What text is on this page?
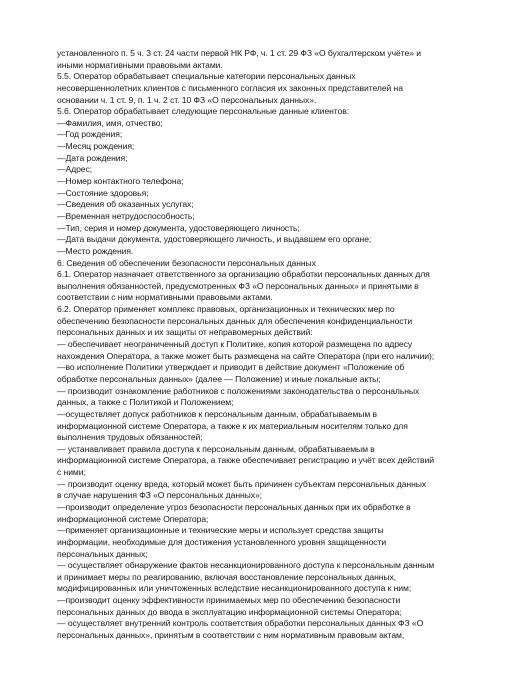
установленного п. 5 ч. 3 ст. 24 части первой НК РФ, ч. 1 ст. 29 ФЗ «О бухгалтерском учёте» и
иными нормативными правовыми актами.
5.5. Оператор обрабатывает специальные категории персональных данных
несовершеннолетних клиентов с письменного согласия их законных представителей на
основании ч. 1 ст. 9, п. 1 ч. 2 ст. 10 ФЗ «О персональных данных».
5.6. Оператор обрабатывает следующие персональные данные клиентов:
—Фамилия, имя, отчество;
—Год рождения;
—Месяц рождения;
—Дата рождения;
—Адрес;
—Номер контактного телефона;
—Состояние здоровья;
—Сведения об оказанных услугах;
—Временная нетрудоспособность;
—Тип, серия и номер документа, удостоверяющего личность;
—Дата выдачи документа, удостоверяющего личность, и выдавшем его органе;
—Место рождения.
6. Сведения об обеспечении безопасности персональных данных
6.1. Оператор назначает ответственного за организацию обработки персональных данных для
выполнения обязанностей, предусмотренных ФЗ «О персональных данных» и принятыми в
соответствии с ним нормативными правовыми актами.
6.2. Оператор применяет комплекс правовых, организационных и технических мер по
обеспечению безопасности персональных данных для обеспечения конфиденциальности
персональных данных и их защиты от неправомерных действий:
— обеспечивает неограниченный доступ к Политике, копия которой размещена по адресу
нахождения Оператора, а также может быть размещена на сайте Оператора (при его наличии);
—во исполнение Политики утверждает и приводит в действие документ «Положение об
обработке персональных данных» (далее — Положение) и иные локальные акты;
— производит ознакомление работников с положениями законодательства о персональных
данных, а также с Политикой и Положением;
—осуществляет допуск работников к персональным данным, обрабатываемым в
информационной системе Оператора, а также к их материальным носителям только для
выполнения трудовых обязанностей;
— устанавливает правила доступа к персональным данным, обрабатываемым в
информационной системе Оператора, а также обеспечивает регистрацию и учёт всех действий
с ними;
— производит оценку вреда, который может быть причинен субъектам персональных данных
в случае нарушения ФЗ «О персональных данных»;
—производит определение угроз безопасности персональных данных при их обработке в
информационной системе Оператора;
—применяет организационные и технические меры и использует средства защиты
информации, необходимые для достижения установленного уровня защищенности
персональных данных;
— осуществляет обнаружение фактов несанкционированного доступа к персональным данным
и принимает меры по реагированию, включая восстановление персональных данных,
модифицированных или уничтоженных вследствие несанкционированного доступа к ним;
—производит оценку эффективности принимаемых мер по обеспечению безопасности
персональных данных до ввода в эксплуатацию информационной системы Оператора;
— осуществляет внутренний контроль соответствия обработки персональных данных ФЗ «О
персональных данных», принятым в соответствии с ним нормативным правовым актам,
